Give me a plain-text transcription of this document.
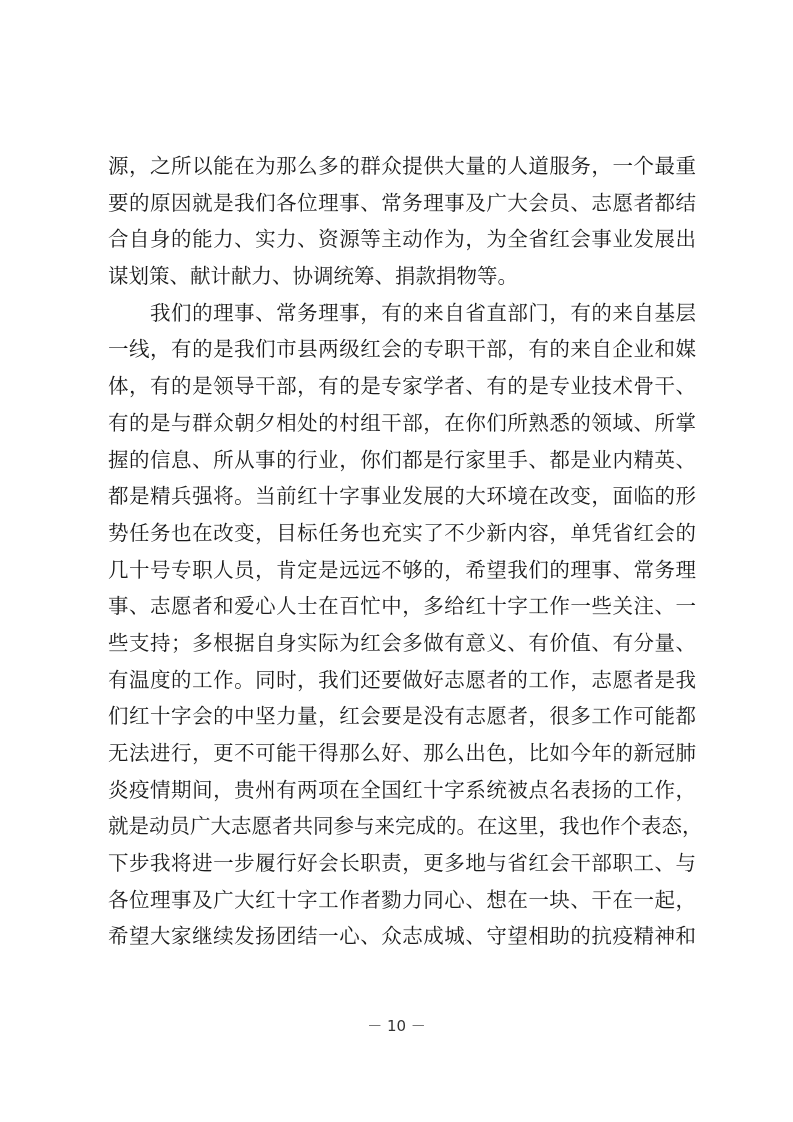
源，之所以能在为那么多的群众提供大量的人道服务，一个最重
要的原因就是我们各位理事、常务理事及广大会员、志愿者都结
合自身的能力、实力、资源等主动作为，为全省红会事业发展出
谋划策、献计献力、协调统筹、捐款捐物等。
　　我们的理事、常务理事，有的来自省直部门，有的来自基层
一线，有的是我们市县两级红会的专职干部，有的来自企业和媒
体，有的是领导干部，有的是专家学者、有的是专业技术骨干、
有的是与群众朝夕相处的村组干部，在你们所熟悉的领域、所掌
握的信息、所从事的行业，你们都是行家里手、都是业内精英、
都是精兵强将。当前红十字事业发展的大环境在改变，面临的形
势任务也在改变，目标任务也充实了不少新内容，单凭省红会的
几十号专职人员，肯定是远远不够的，希望我们的理事、常务理
事、志愿者和爱心人士在百忙中，多给红十字工作一些关注、一
些支持；多根据自身实际为红会多做有意义、有价值、有分量、
有温度的工作。同时，我们还要做好志愿者的工作，志愿者是我
们红十字会的中坚力量，红会要是没有志愿者，很多工作可能都
无法进行，更不可能干得那么好、那么出色，比如今年的新冠肺
炎疫情期间，贵州有两项在全国红十字系统被点名表扬的工作，
就是动员广大志愿者共同参与来完成的。在这里，我也作个表态，
下步我将进一步履行好会长职责，更多地与省红会干部职工、与
各位理事及广大红十字工作者勠力同心、想在一块、干在一起，
希望大家继续发扬团结一心、众志成城、守望相助的抗疫精神和
－ 10 －
